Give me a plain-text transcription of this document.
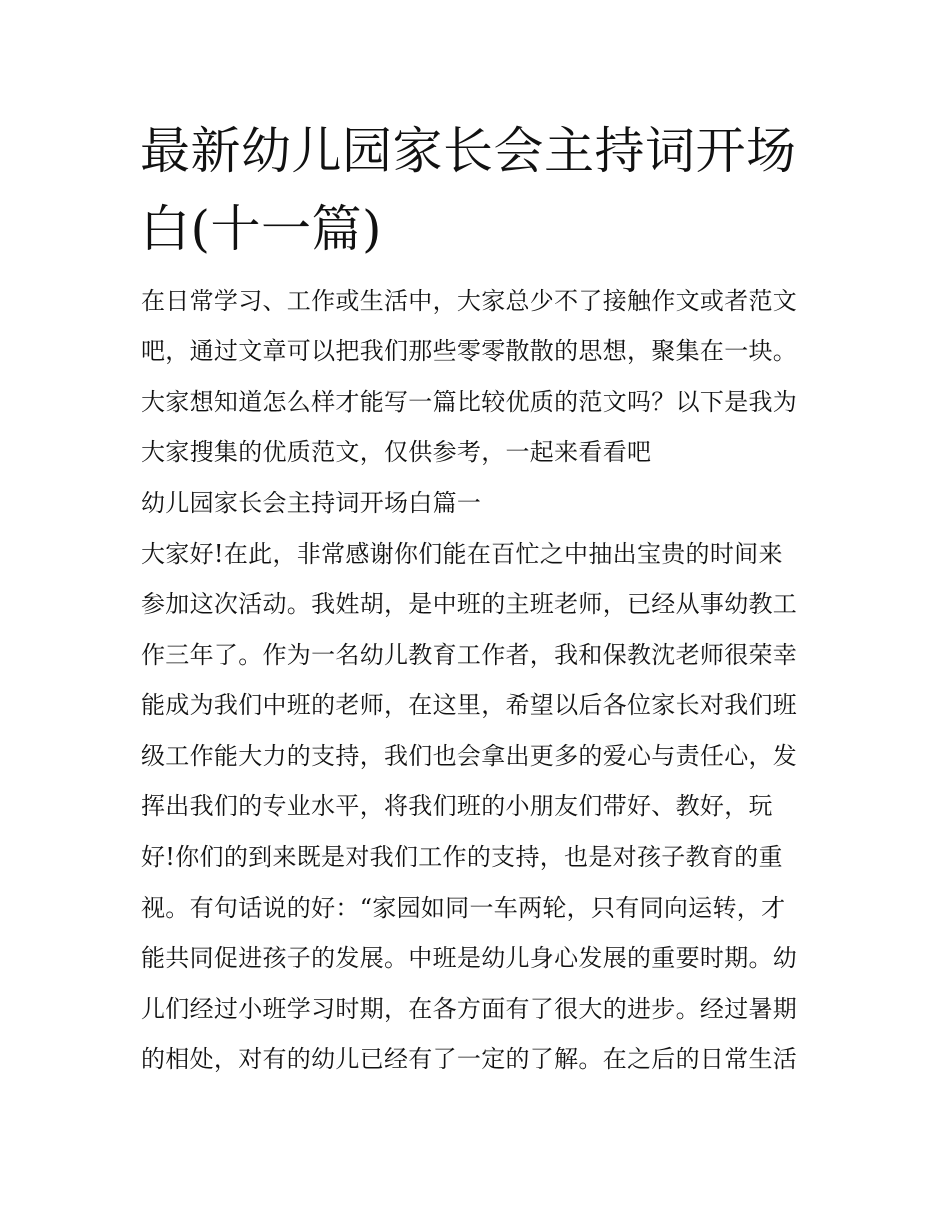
最新幼儿园家长会主持词开场
白(十一篇)

在日常学习、工作或生活中，大家总少不了接触作文或者范文

吧，通过文章可以把我们那些零零散散的思想，聚集在一块。

大家想知道怎么样才能写一篇比较优质的范文吗？以下是我为

大家搜集的优质范文，仅供参考，一起来看看吧

幼儿园家长会主持词开场白篇一

大家好!在此，非常感谢你们能在百忙之中抽出宝贵的时间来

参加这次活动。我姓胡，是中班的主班老师，已经从事幼教工

作三年了。作为一名幼儿教育工作者，我和保教沈老师很荣幸

能成为我们中班的老师，在这里，希望以后各位家长对我们班

级工作能大力的支持，我们也会拿出更多的爱心与责任心，发

挥出我们的专业水平，将我们班的小朋友们带好、教好，玩

好!你们的到来既是对我们工作的支持，也是对孩子教育的重

视。有句话说的好：“家园如同一车两轮，只有同向运转，才

能共同促进孩子的发展。中班是幼儿身心发展的重要时期。幼

儿们经过小班学习时期，在各方面有了很大的进步。经过暑期

的相处，对有的幼儿已经有了一定的了解。在之后的日常生活
